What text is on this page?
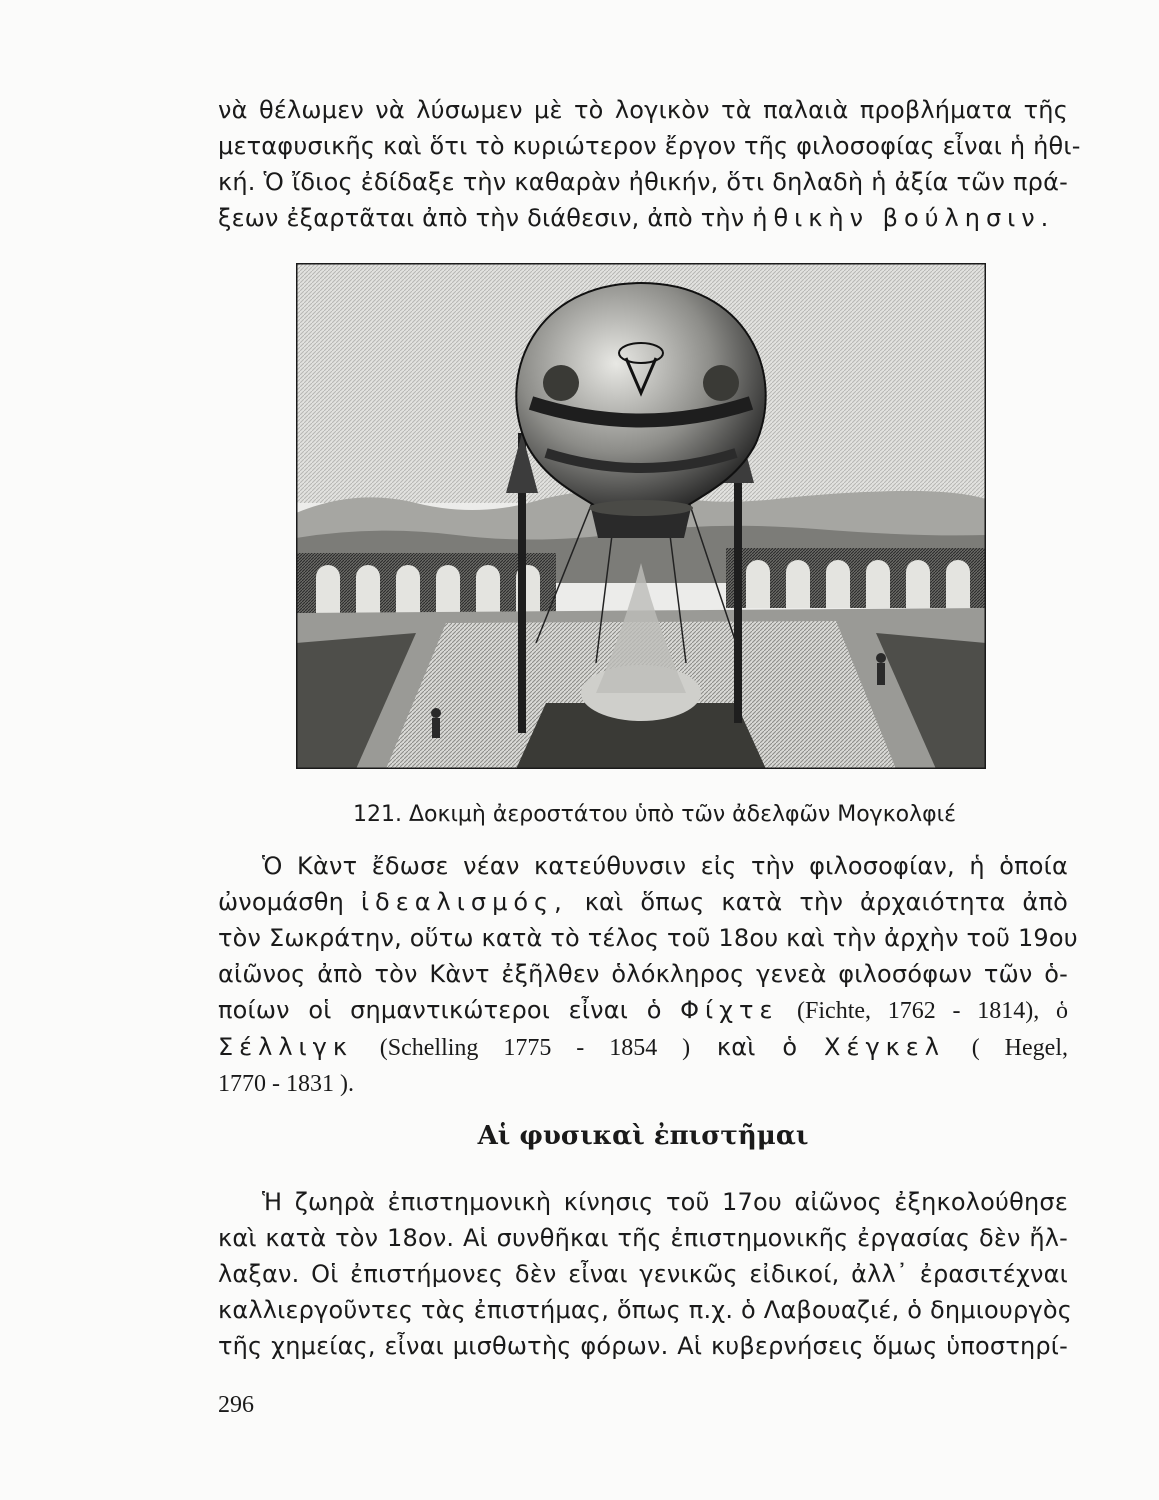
νὰ θέλωμεν νὰ λύσωμεν μὲ τὸ λογικὸν τὰ παλαιὰ προβλήματα τῆς
μεταφυσικῆς καὶ ὅτι τὸ κυριώτερον ἔργον τῆς φιλοσοφίας εἶναι ἡ ἠθι-
κή. Ὁ ἴδιος ἐδίδαξε τὴν καθαρὰν ἠθικήν, ὅτι δηλαδὴ ἡ ἀξία τῶν πρά-
ξεων ἐξαρτᾶται ἀπὸ τὴν διάθεσιν, ἀπὸ τὴν ἠθικὴν βούλησιν.
121. Δοκιμὴ ἀεροστάτου ὑπὸ τῶν ἀδελφῶν Μογκολφιέ
Ὁ Κὰντ ἔδωσε νέαν κατεύθυνσιν εἰς τὴν φιλοσοφίαν, ἡ ὁποία
ὠνομάσθη ἰδεαλισμός, καὶ ὅπως κατὰ τὴν ἀρχαιότητα ἀπὸ
τὸν Σωκράτην, οὕτω κατὰ τὸ τέλος τοῦ 18ου καὶ τὴν ἀρχὴν τοῦ 19ου
αἰῶνος ἀπὸ τὸν Κὰντ ἐξῆλθεν ὁλόκληρος γενεὰ φιλοσόφων τῶν ὁ-
ποίων οἱ σημαντικώτεροι εἶναι ὁ Φίχτε (Fichte, 1762 - 1814), ὁ
Σέλλιγκ (Schelling 1775 - 1854 ) καὶ ὁ Χέγκελ ( Hegel,
1770 - 1831 ).
Αἱ φυσικαὶ ἐπιστῆμαι
Ἡ ζωηρὰ ἐπιστημονικὴ κίνησις τοῦ 17ου αἰῶνος ἐξηκολούθησε
καὶ κατὰ τὸν 18ον. Αἱ συνθῆκαι τῆς ἐπιστημονικῆς ἐργασίας δὲν ἤλ-
λαξαν. Οἱ ἐπιστήμονες δὲν εἶναι γενικῶς εἰδικοί, ἀλλ᾽ ἐρασιτέχναι
καλλιεργοῦντες τὰς ἐπιστήμας, ὅπως π.χ. ὁ Λαβουαζιέ, ὁ δημιουργὸς
τῆς χημείας, εἶναι μισθωτὴς φόρων. Αἱ κυβερνήσεις ὅμως ὑποστηρί-
296
